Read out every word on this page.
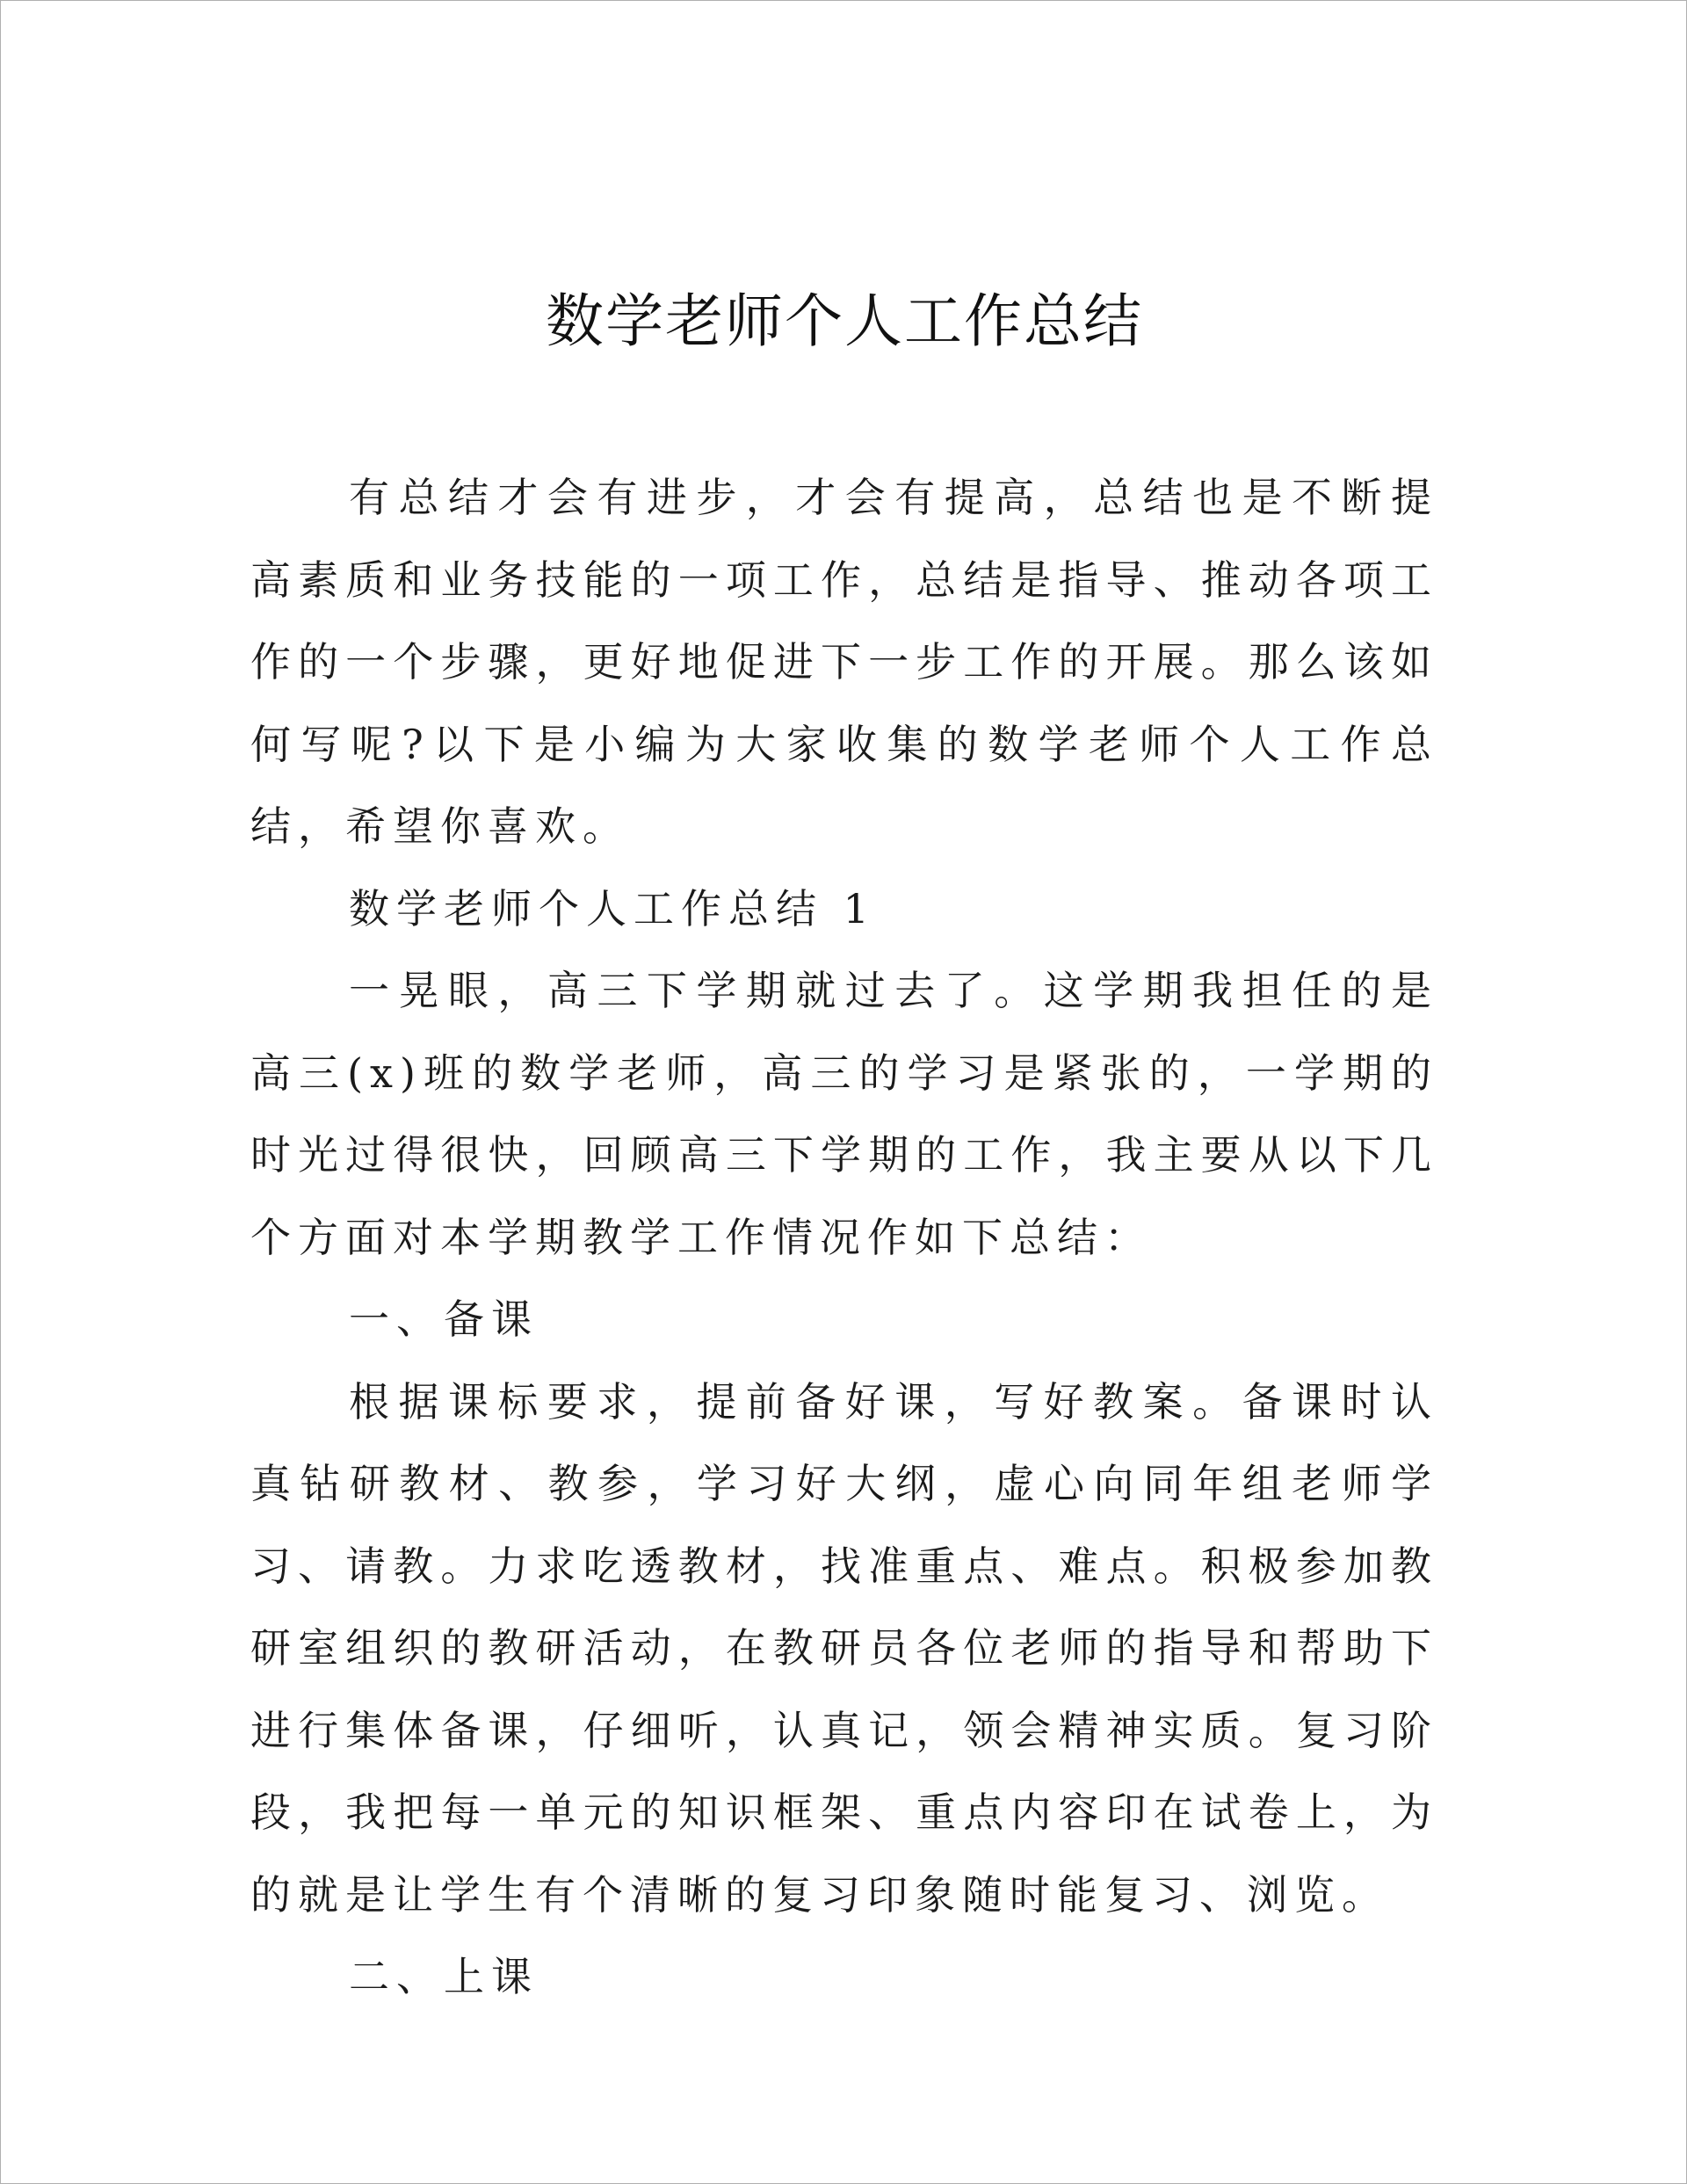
数学老师个人工作总结

有总结才会有进步，才会有提高，总结也是不断提高素质和业务技能的一项工作，总结是指导、推动各项工作的一个步骤，更好地促进下一步工作的开展。那么该如何写呢?以下是小编为大家收集的数学老师个人工作总结，希望你喜欢。

数学老师个人工作总结 1

一晃眼，高三下学期就过去了。这学期我担任的是高三(x)班的数学老师，高三的学习是紧张的，一学期的时光过得很快，回顾高三下学期的工作，我主要从以下几个方面对本学期教学工作情况作如下总结：

一、备课

根据课标要求，提前备好课，写好教案。备课时认真钻研教材、教参，学习好大纲，虚心向同年组老师学习、请教。力求吃透教材，找准重点、难点。积极参加教研室组织的教研活动，在教研员各位老师的指导和帮助下进行集体备课，仔细听，认真记，领会精神实质。复习阶段，我把每一单元的知识框架、重点内容印在试卷上，为的就是让学生有个清晰的复习印象随时能复习、浏览。

二、上课
